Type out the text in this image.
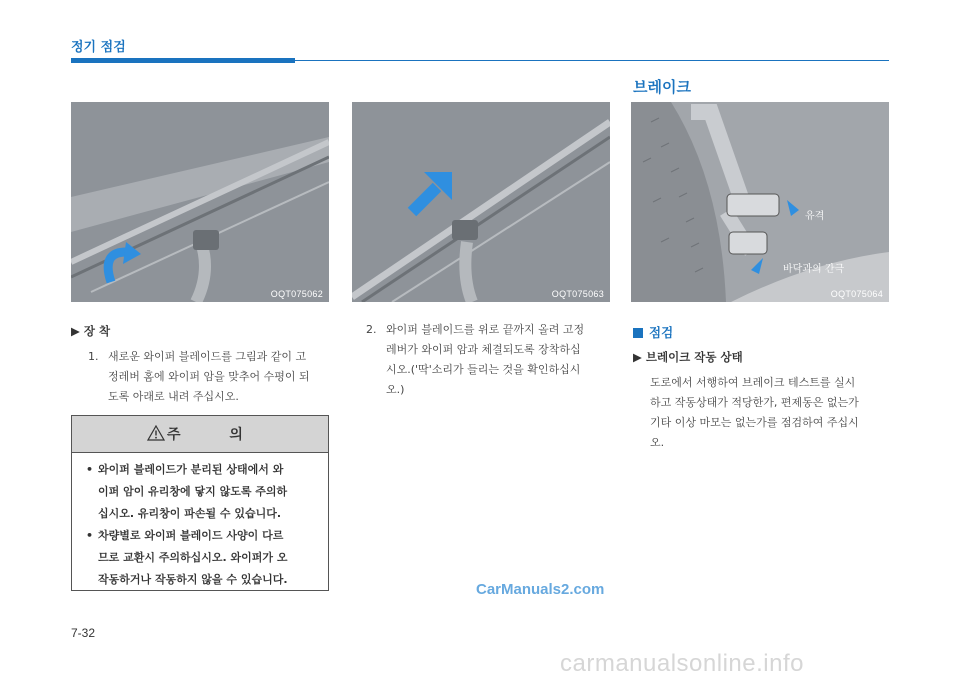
정기 점검
브레이크
OQT075062	OQT075063
유격
바닥과의 간극
OQT075064
▶ 장 착
1. 새로운 와이퍼 블레이드를 그림과 같이 고
정레버 홈에 와이퍼 암을 맞추어 수평이 되
도록 아래로 내려 주십시오.
주 의
• 와이퍼 블레이드가 분리된 상태에서 와
이퍼 암이 유리창에 닿지 않도록 주의하
십시오. 유리창이 파손될 수 있습니다.
• 차량별로 와이퍼 블레이드 사양이 다르
므로 교환시 주의하십시오. 와이퍼가 오
작동하거나 작동하지 않을 수 있습니다.
2. 와이퍼 블레이드를 위로 끝까지 올려 고정
레버가 와이퍼 암과 체결되도록 장착하십
시오.('딱'소리가 들리는 것을 확인하십시
오.)
점검
▶ 브레이크 작동 상태
도로에서 서행하여 브레이크 테스트를 실시
하고 작동상태가 적당한가, 편제동은 없는가
기타 이상 마모는 없는가를 점검하여 주십시
오.
CarManuals2.com
7-32
carmanualsonline.info
